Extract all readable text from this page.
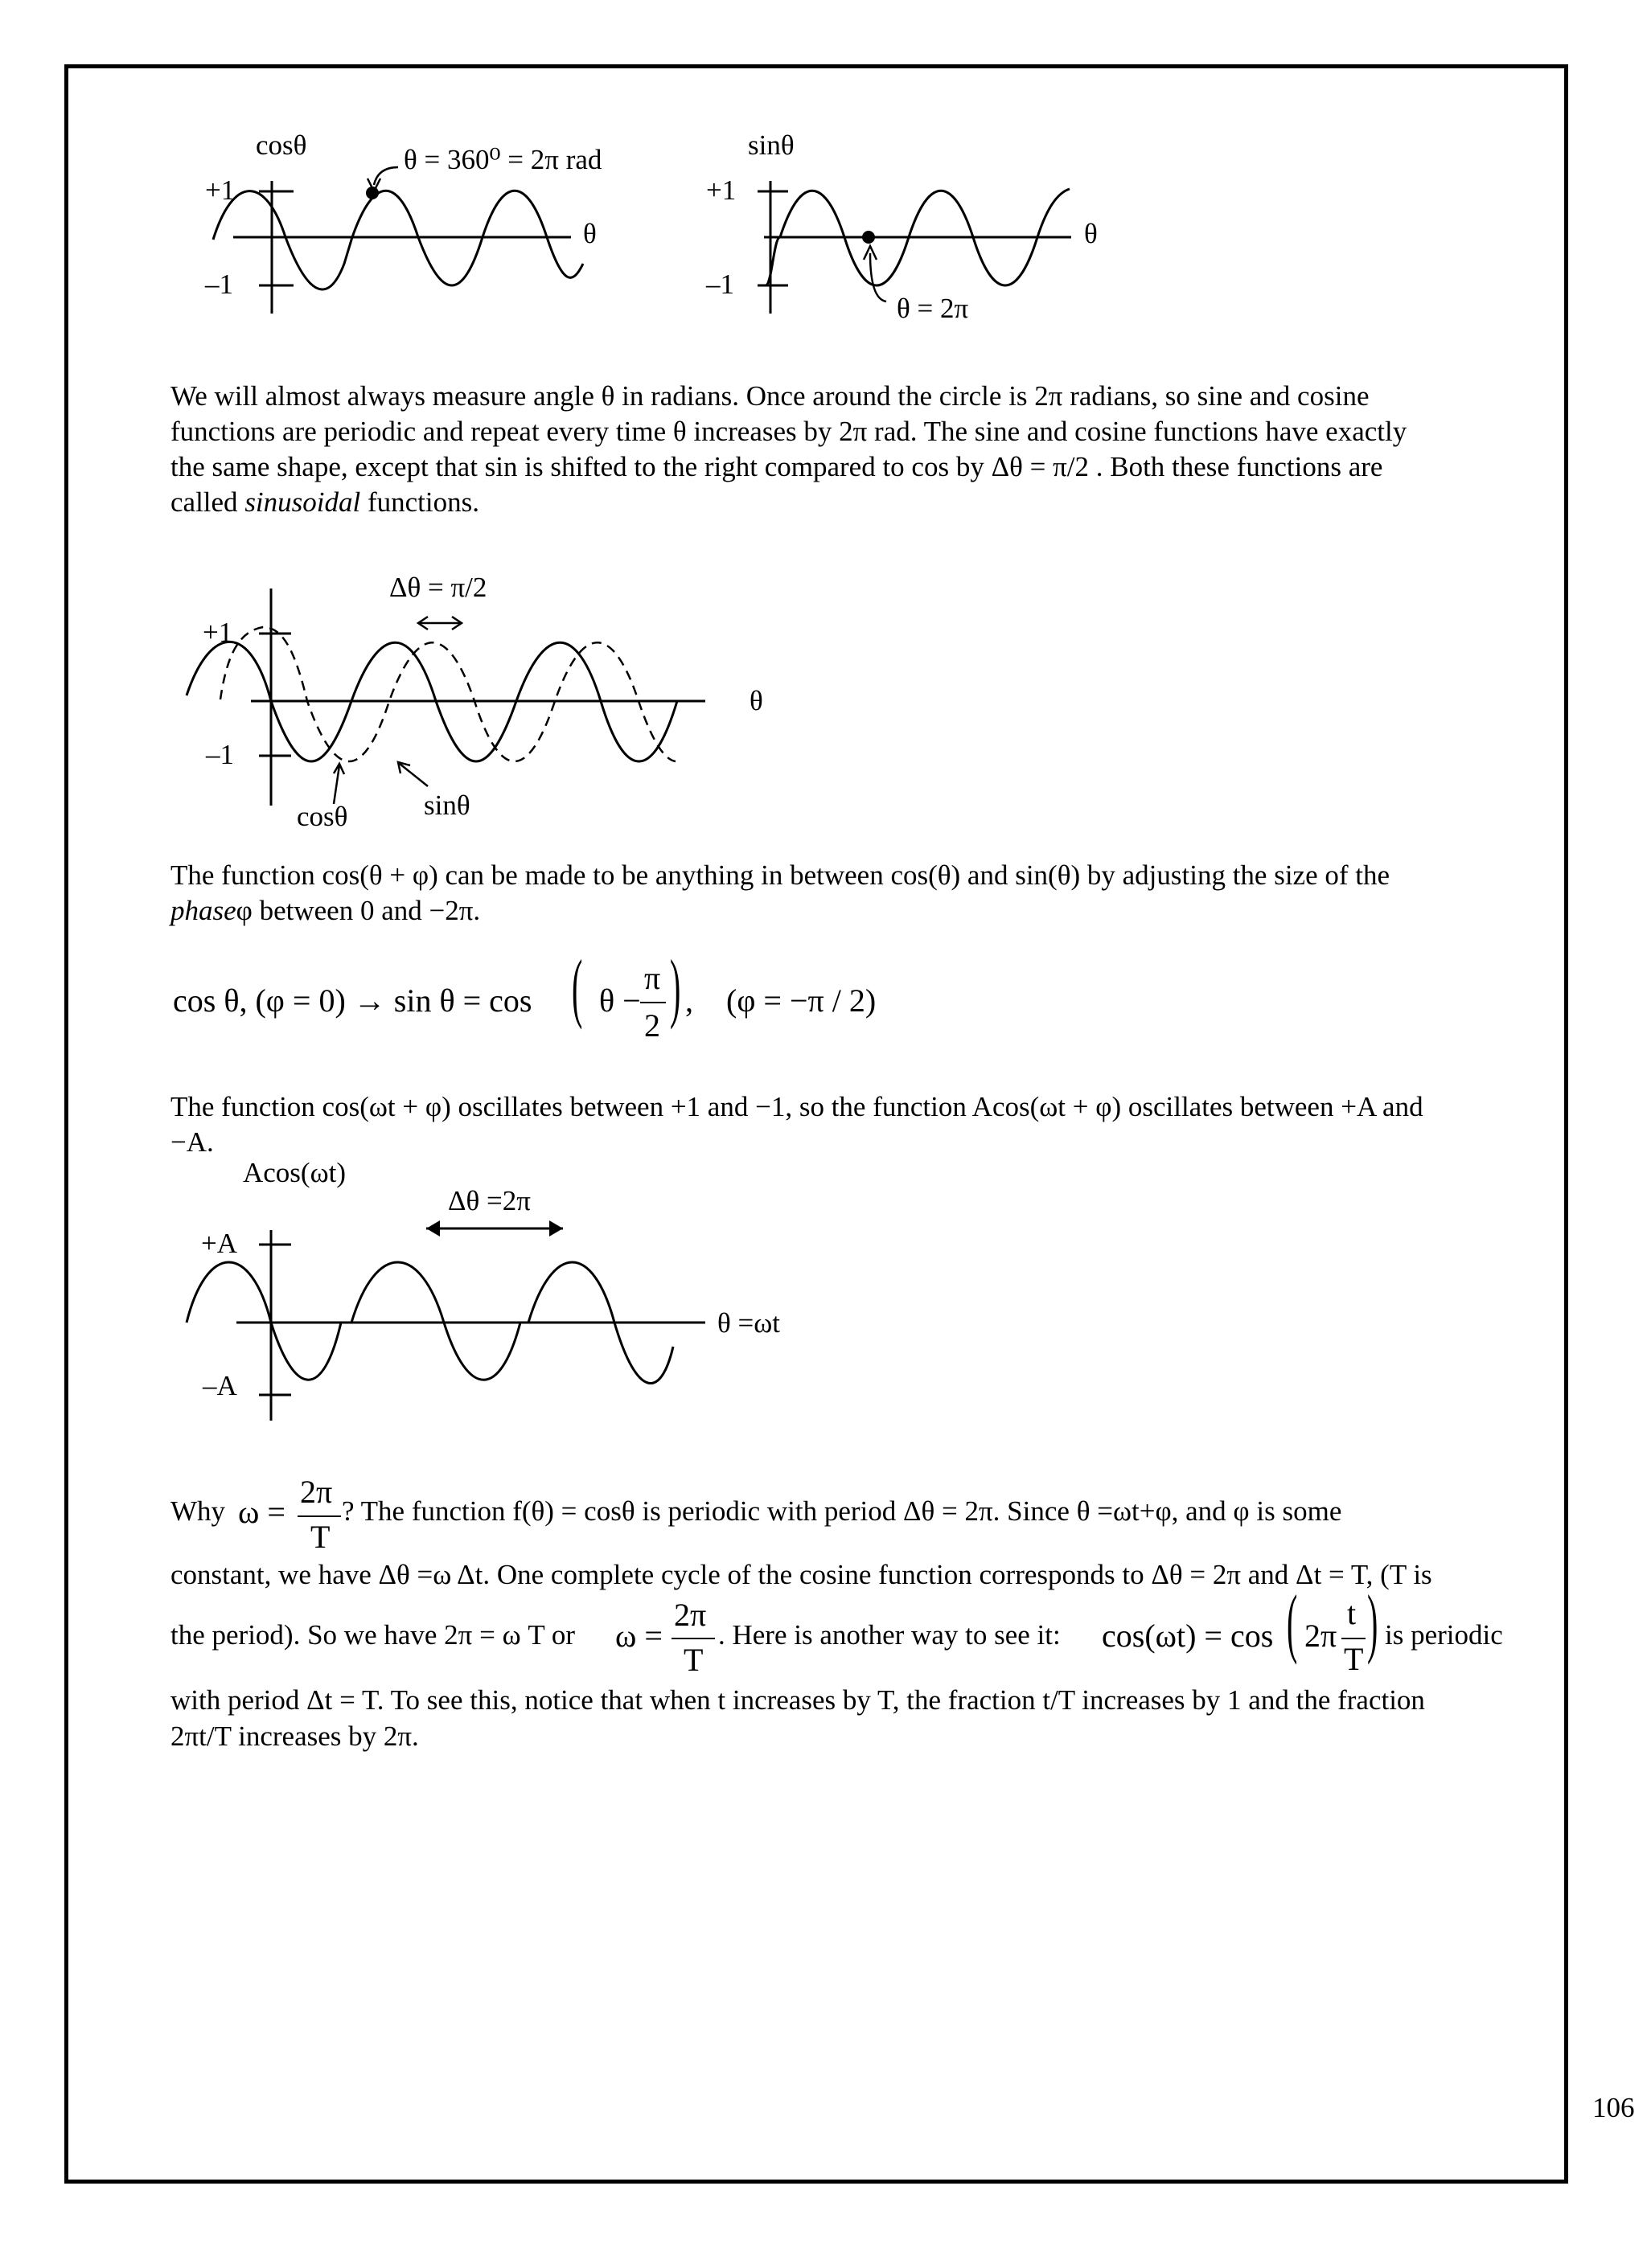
cosθ
+1
–1
θ
θ = 360⁰ = 2π rad	sinθ
+1
–1
θ
θ = 2π

We will almost always measure angle θ in radians. Once around the circle is 2π radians, so sine and cosine
functions are periodic and repeat every time θ increases by 2π rad. The sine and cosine functions have exactly
the same shape, except that sin is shifted to the right compared to cos by Δθ = π/2 . Both these functions are
called sinusoidal functions.

Δθ = π/2
+1
–1
θ
cosθ	sinθ

The function cos(θ + φ) can be made to be anything in between cos(θ) and sin(θ) by adjusting the size of the
phaseφ between 0 and −2π.

cos θ, (φ = 0) → sin θ = cos ( θ −
π
2 ) , (φ = −π / 2)

The function cos(ωt + φ) oscillates between +1 and −1, so the function Acos(ωt + φ) oscillates between +A and
−A.

Acos(ωt)
Δθ =2π
+A
–A
θ =ωt
Why ω =
2π
T
? The function f(θ) = cosθ is periodic with period Δθ = 2π. Since θ =ωt+φ, and φ is some
constant, we have Δθ =ω Δt. One complete cycle of the cosine function corresponds to Δθ = 2π and Δt = T, (T is
the period). So we have 2π = ω T or ω =
2π
T
. Here is another way to see it: cos(ωt) = cos ( 2π
t
T ) is periodic
with period Δt = T. To see this, notice that when t increases by T, the fraction t/T increases by 1 and the fraction
2πt/T increases by 2π.
106
